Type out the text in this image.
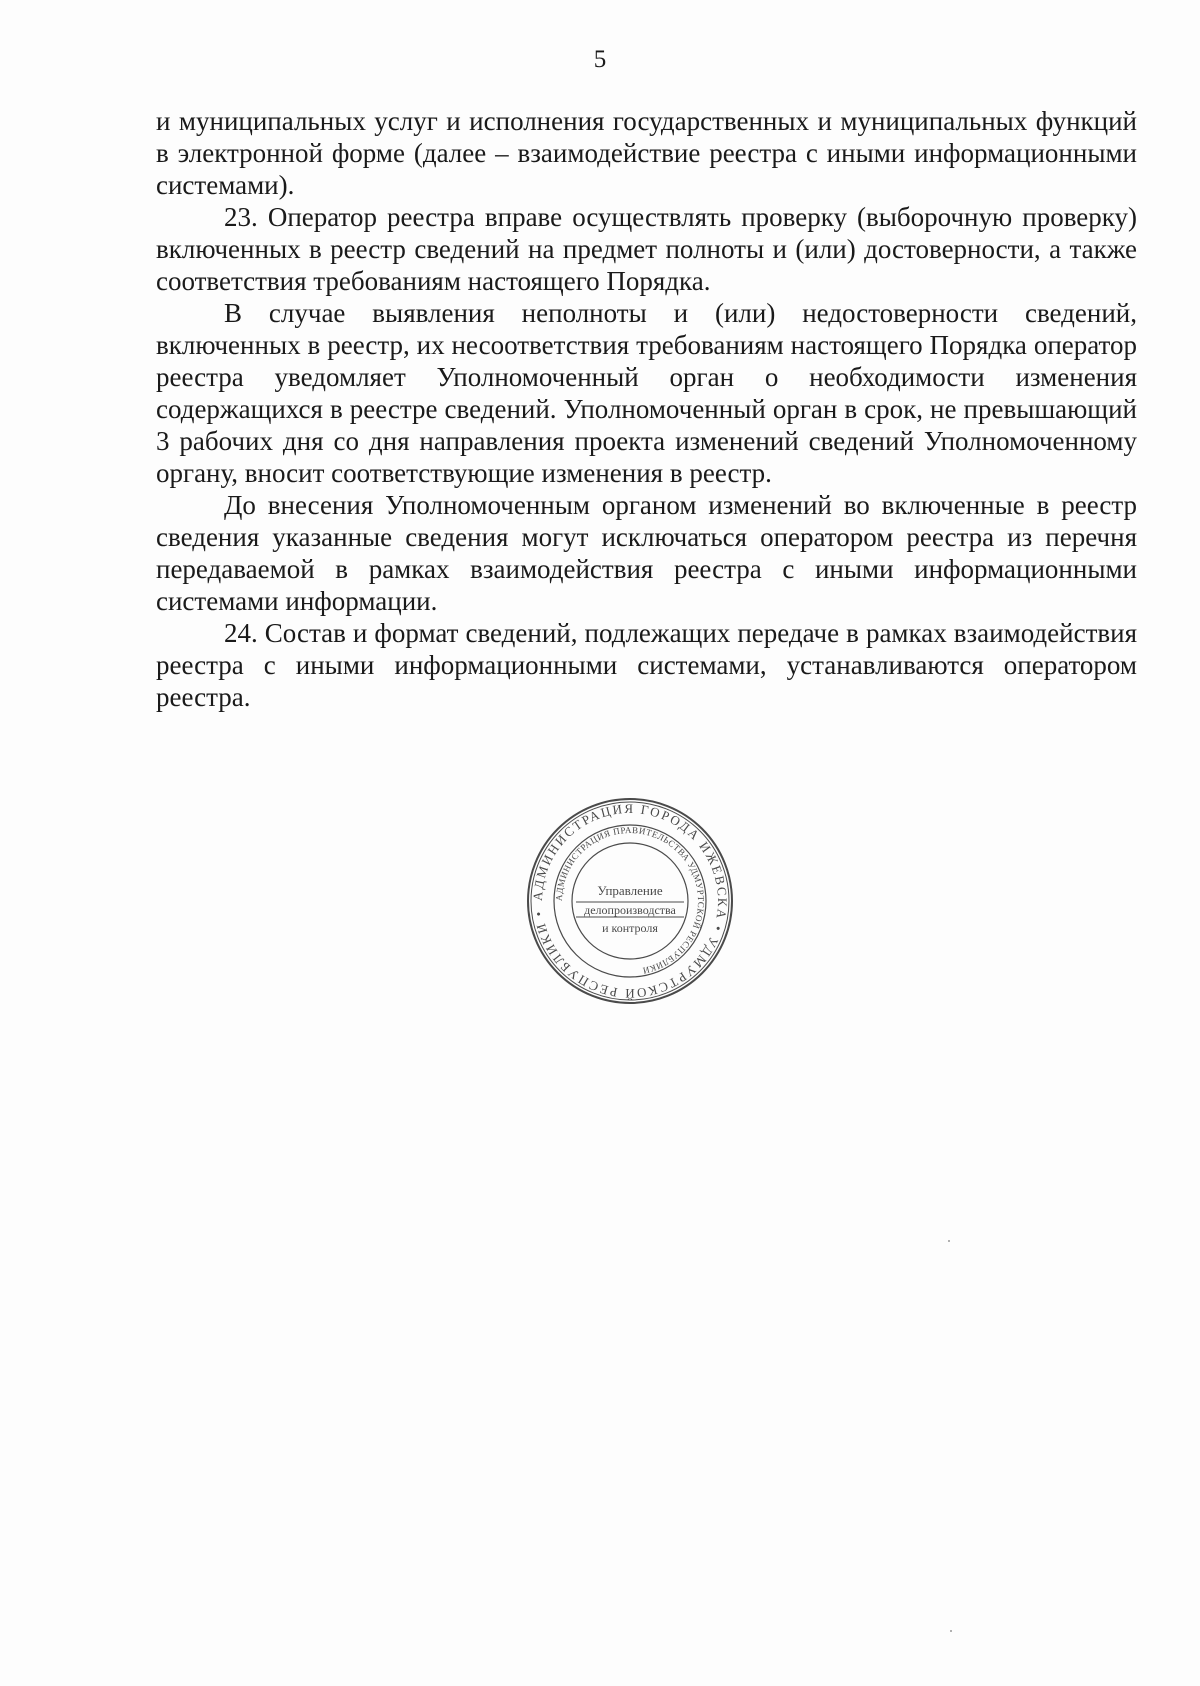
5

и муниципальных услуг и исполнения государственных и муниципальных функций в электронной форме (далее – взаимодействие реестра с иными информационными системами).

23. Оператор реестра вправе осуществлять проверку (выборочную проверку) включенных в реестр сведений на предмет полноты и (или) достоверности, а также соответствия требованиям настоящего Порядка.

В случае выявления неполноты и (или) недостоверности сведений, включенных в реестр, их несоответствия требованиям настоящего Порядка оператор реестра уведомляет Уполномоченный орган о необходимости изменения содержащихся в реестре сведений. Уполномоченный орган в срок, не превышающий 3 рабочих дня со дня направления проекта изменений сведений Уполномоченному органу, вносит соответствующие изменения в реестр.

До внесения Уполномоченным органом изменений во включенные в реестр сведения указанные сведения могут исключаться оператором реестра из перечня передаваемой в рамках взаимодействия реестра с иными информационными системами информации.

24. Состав и формат сведений, подлежащих передаче в рамках взаимодействия реестра с иными информационными системами, устанавливаются оператором реестра.

АДМИНИСТРАЦИЯ ГОРОДА ИЖЕВСКА • УДМУРТСКОЙ РЕСПУБЛИКИ •
АДМИНИСТРАЦИЯ ПРАВИТЕЛЬСТВА УДМУРТСКОЙ РЕСПУБЛИКИ
Управление
делопроизводства
и контроля
